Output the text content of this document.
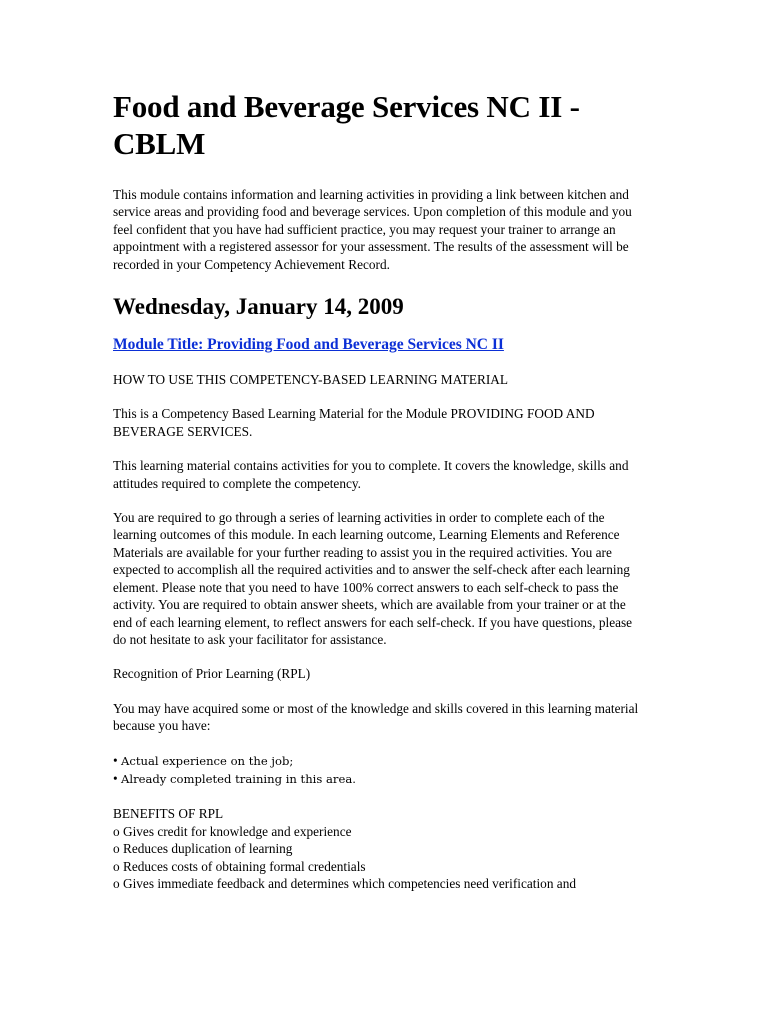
Food and Beverage Services NC II - CBLM
This module contains information and learning activities in providing a link between kitchen and service areas and providing food and beverage services. Upon completion of this module and you feel confident that you have had sufficient practice, you may request your trainer to arrange an appointment with a registered assessor for your assessment. The results of the assessment will be recorded in your Competency Achievement Record.
Wednesday, January 14, 2009
Module Title: Providing Food and Beverage Services NC II

HOW TO USE THIS COMPETENCY-BASED LEARNING MATERIAL

This is a Competency Based Learning Material for the Module PROVIDING FOOD AND BEVERAGE SERVICES.

This learning material contains activities for you to complete. It covers the knowledge, skills and attitudes required to complete the competency.

You are required to go through a series of learning activities in order to complete each of the learning outcomes of this module. In each learning outcome, Learning Elements and Reference Materials are available for your further reading to assist you in the required activities. You are expected to accomplish all the required activities and to answer the self-check after each learning element. Please note that you need to have 100% correct answers to each self-check to pass the activity. You are required to obtain answer sheets, which are available from your trainer or at the end of each learning element, to reflect answers for each self-check. If you have questions, please do not hesitate to ask your facilitator for assistance.

Recognition of Prior Learning (RPL)

You may have acquired some or most of the knowledge and skills covered in this learning material because you have:

• Actual experience on the job;
• Already completed training in this area.
BENEFITS OF RPL
o Gives credit for knowledge and experience
o Reduces duplication of learning
o Reduces costs of obtaining formal credentials
o Gives immediate feedback and determines which competencies need verification and
